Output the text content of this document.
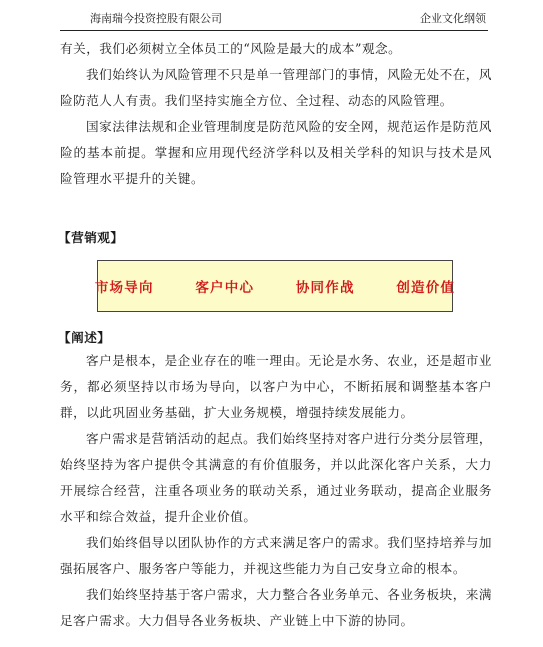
海南瑞今投资控股有限公司	企业文化纲领

有关，我们必须树立全体员工的“风险是最大的成本”观念。

我们始终认为风险管理不只是单一管理部门的事情，风险无处不在，风险防范人人有责。我们坚持实施全方位、全过程、动态的风险管理。

国家法律法规和企业管理制度是防范风险的安全网，规范运作是防范风险的基本前提。掌握和应用现代经济学科以及相关学科的知识与技术是风险管理水平提升的关键。

【营销观】
市场导向   客户中心   协同作战   创造价值
【阐述】

客户是根本，是企业存在的唯一理由。无论是水务、农业，还是超市业务，都必须坚持以市场为导向，以客户为中心，不断拓展和调整基本客户群，以此巩固业务基础，扩大业务规模，增强持续发展能力。

客户需求是营销活动的起点。我们始终坚持对客户进行分类分层管理，始终坚持为客户提供令其满意的有价值服务，并以此深化客户关系，大力开展综合经营，注重各项业务的联动关系，通过业务联动，提高企业服务水平和综合效益，提升企业价值。

我们始终倡导以团队协作的方式来满足客户的需求。我们坚持培养与加强拓展客户、服务客户等能力，并视这些能力为自己安身立命的根本。

我们始终坚持基于客户需求，大力整合各业务单元、各业务板块，来满足客户需求。大力倡导各业务板块、产业链上中下游的协同。
